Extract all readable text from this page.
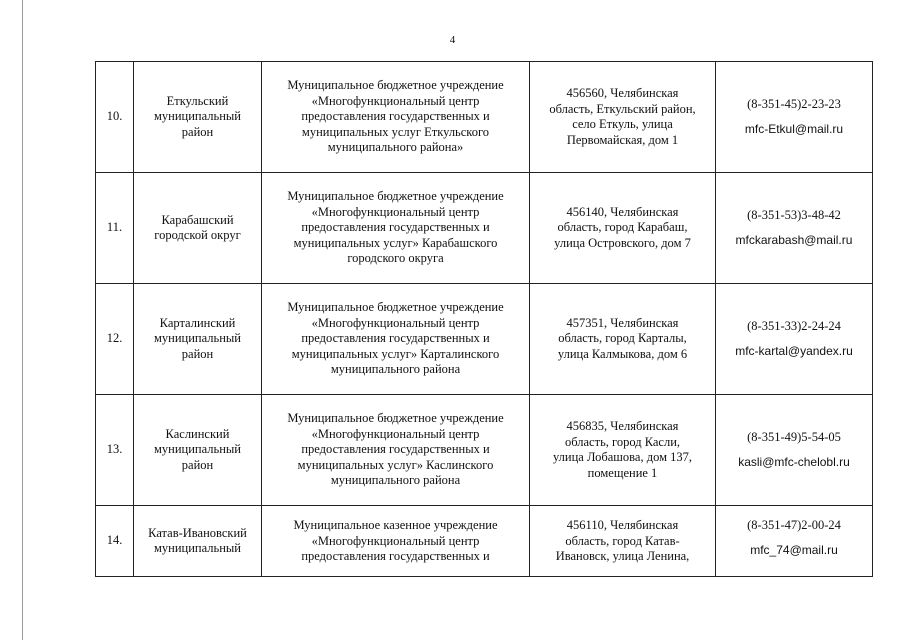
4
10.	Еткульский
муниципальный
район	Муниципальное бюджетное учреждение
«Многофункциональный центр
предоставления государственных и
муниципальных услуг Еткульского
муниципального района»	456560, Челябинская
область, Еткульский район,
село Еткуль, улица
Первомайская, дом 1	(8-351-45)2-23-23
mfc-Etkul@mail.ru

11.	Карабашский
городской округ	Муниципальное бюджетное учреждение
«Многофункциональный центр
предоставления государственных и
муниципальных услуг» Карабашского
городского округа	456140, Челябинская
область, город Карабаш,
улица Островского, дом 7	(8-351-53)3-48-42
mfckarabash@mail.ru

12.	Карталинский
муниципальный
район	Муниципальное бюджетное учреждение
«Многофункциональный центр
предоставления государственных и
муниципальных услуг» Карталинского
муниципального района	457351, Челябинская
область, город Карталы,
улица Калмыкова, дом 6	(8-351-33)2-24-24
mfc-kartal@yandex.ru

13.	Каслинский
муниципальный
район	Муниципальное бюджетное учреждение
«Многофункциональный центр
предоставления государственных и
муниципальных услуг» Каслинского
муниципального района	456835, Челябинская
область, город Касли,
улица Лобашова, дом 137,
помещение 1	(8-351-49)5-54-05
kasli@mfc-chelobl.ru

14.	Катав-Ивановский
муниципальный	Муниципальное казенное учреждение
«Многофункциональный центр
предоставления государственных и	456110, Челябинская
область, город Катав-
Ивановск, улица Ленина,	(8-351-47)2-00-24
mfc_74@mail.ru
